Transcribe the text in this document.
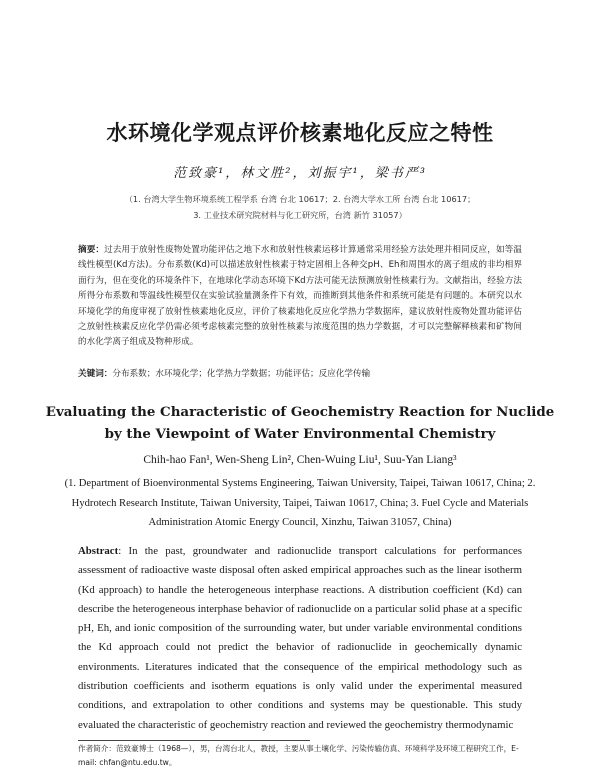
水环境化学观点评价核素地化反应之特性
范致豪¹，林文胜²，刘振宇¹，梁书严³
（1. 台湾大学生物环境系统工程学系 台湾 台北 10617；2. 台湾大学水工所 台湾 台北 10617；
3. 工业技术研究院材料与化工研究所，台湾 新竹 31057）
摘要：过去用于放射性废物处置功能评估之地下水和放射性核素运移计算通常采用经验方法处理并相同反应，如等温线性模型(Kd方法)。分布系数(Kd)可以描述放射性核素于特定固相上各种交pH、Eh和周围水的离子组成的非均相界面行为，但在变化的环境条件下，在地球化学动态环境下Kd方法可能无法预测放射性核素行为。文献指出，经验方法所得分布系数和等温线性模型仅在实验试验量测条件下有效，而推断到其他条件和系统可能是有问题的。本研究以水环境化学的角度审视了放射性核素地化反应，评价了核素地化反应化学热力学数据库，建议放射性废物处置功能评估之放射性核素反应化学仍需必须考虑核素完整的放射性核素与浓度范围的热力学数据，才可以完整解释核素和矿物间的水化学离子组成及物种形成。
关键词：分布系数；水环境化学；化学热力学数据；功能评估；反应化学传输
Evaluating the Characteristic of Geochemistry Reaction for Nuclide by the Viewpoint of Water Environmental Chemistry
Chih-hao Fan¹, Wen-Sheng Lin², Chen-Wuing Liu¹, Suu-Yan Liang³
(1. Department of Bioenvironmental Systems Engineering, Taiwan University, Taipei, Taiwan 10617, China; 2. Hydrotech Research Institute, Taiwan University, Taipei, Taiwan 10617, China; 3. Fuel Cycle and Materials Administration Atomic Energy Council, Xinzhu, Taiwan 31057, China)
Abstract: In the past, groundwater and radionuclide transport calculations for performances assessment of radioactive waste disposal often asked empirical approaches such as the linear isotherm (Kd approach) to handle the heterogeneous interphase reactions. A distribution coefficient (Kd) can describe the heterogeneous interphase behavior of radionuclide on a particular solid phase at a specific pH, Eh, and ionic composition of the surrounding water, but under variable environmental conditions the Kd approach could not predict the behavior of radionuclide in geochemically dynamic environments. Literatures indicated that the consequence of the empirical methodology such as distribution coefficients and isotherm equations is only valid under the experimental measured conditions, and extrapolation to other conditions and systems may be questionable. This study evaluated the characteristic of geochemistry reaction and reviewed the geochemistry thermodynamic
作者简介：范致豪博士（1968—），男，台湾台北人，教授，主要从事土壤化学、污染传输仿真、环境科学及环境工程研究工作，E-mail: chfan@ntu.edu.tw。
